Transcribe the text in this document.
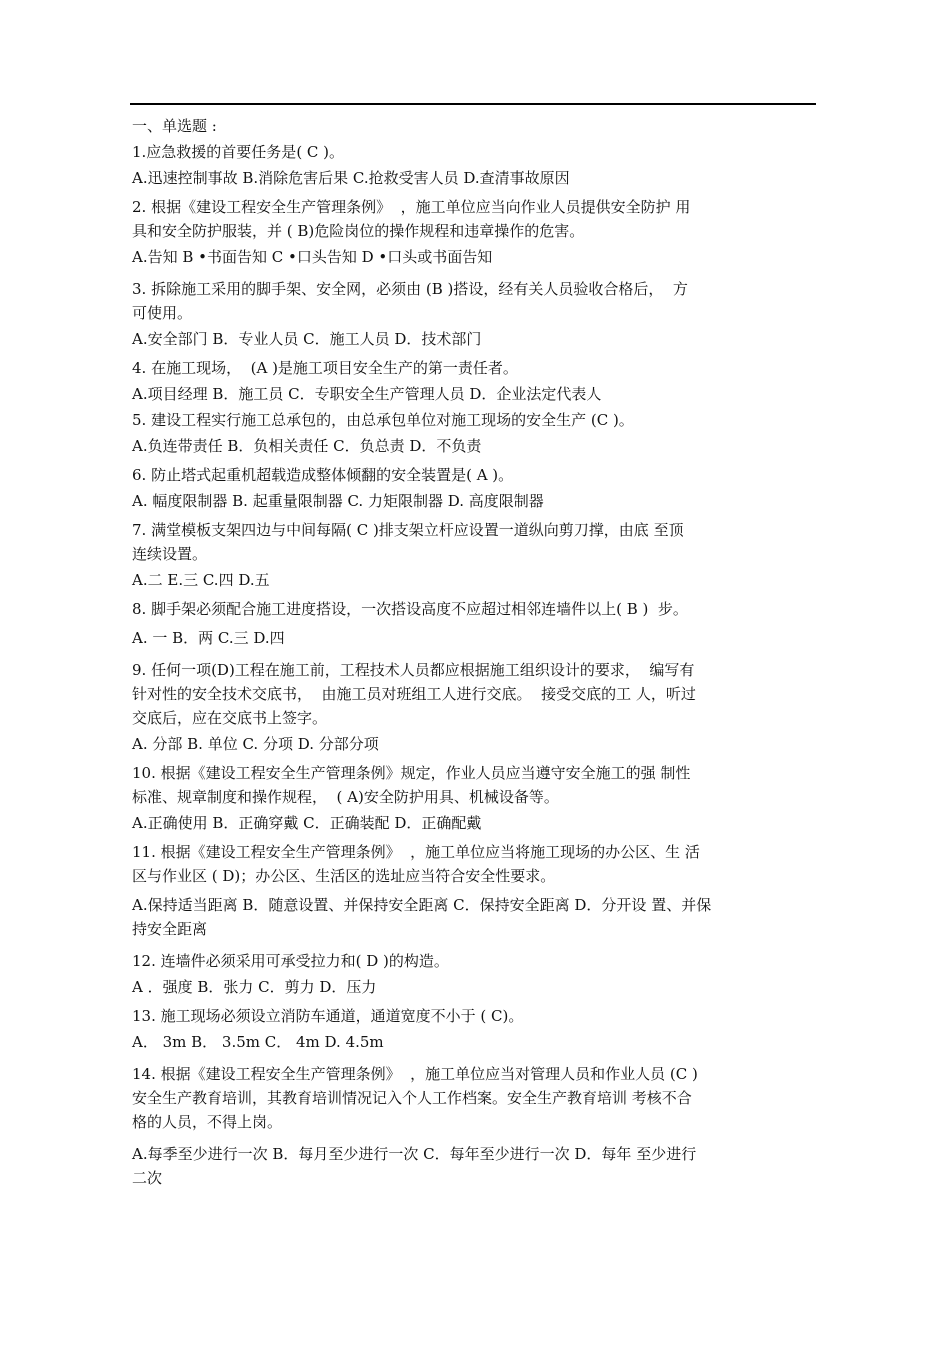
一、单选题 :
1.应急救援的首要任务是( C )。
A.迅速控制事故 B.消除危害后果 C.抢救受害人员 D.查清事故原因
2. 根据《建设工程安全生产管理条例》  ，施工单位应当向作业人员提供安全防护 用
具和安全防护服装，并 ( B)危险岗位的操作规程和违章操作的危害。
A.告知 B •书面告知 C •口头告知 D •口头或书面告知
3. 拆除施工采用的脚手架、安全网，必须由 (B )搭设，经有关人员验收合格后，  方
可使用。
A.安全部门 B．专业人员 C．施工人员 D．技术部门
4. 在施工现场，  (A )是施工项目安全生产的第一责任者。
A.项目经理 B．施工员 C．专职安全生产管理人员 D．企业法定代表人
5. 建设工程实行施工总承包的，由总承包单位对施工现场的安全生产 (C )。
A.负连带责任 B．负相关责任 C．负总责 D．不负责
6. 防止塔式起重机超载造成整体倾翻的安全装置是( A )。
A. 幅度限制器 B. 起重量限制器 C. 力矩限制器 D. 高度限制器
7. 满堂模板支架四边与中间每隔( C )排支架立杆应设置一道纵向剪刀撑，由底 至顶
连续设置。
A.二 E.三 C.四 D.五
8. 脚手架必须配合施工进度搭设，一次搭设高度不应超过相邻连墙件以上( B )  步。
A. 一 B．两 C.三 D.四
9. 任何一项(D)工程在施工前，工程技术人员都应根据施工组织设计的要求，  编写有
针对性的安全技术交底书，  由施工员对班组工人进行交底。  接受交底的工 人，听过
交底后，应在交底书上签字。
A. 分部 B. 单位 C. 分项 D. 分部分项
10. 根据《建设工程安全生产管理条例》规定，作业人员应当遵守安全施工的强 制性
标准、规章制度和操作规程，  ( A)安全防护用具、机械设备等。
A.正确使用 B．正确穿戴 C．正确装配 D．正确配戴
11. 根据《建设工程安全生产管理条例》  ，施工单位应当将施工现场的办公区、生 活
区与作业区 ( D)；办公区、生活区的选址应当符合安全性要求。
A.保持适当距离 B．随意设置、并保持安全距离 C．保持安全距离 D．分开设 置、并保
持安全距离
12. 连墙件必须采用可承受拉力和( D )的构造。
A ．强度 B．张力 C．剪力 D．压力
13. 施工现场必须设立消防车通道，通道宽度不小于 ( C)。
A． 3m B． 3.5m C． 4m D. 4.5m
14. 根据《建设工程安全生产管理条例》  ，施工单位应当对管理人员和作业人员 (C )
安全生产教育培训，其教育培训情况记入个人工作档案。安全生产教育培训 考核不合
格的人员，不得上岗。
A.每季至少进行一次 B．每月至少进行一次 C．每年至少进行一次 D．每年 至少进行
二次
